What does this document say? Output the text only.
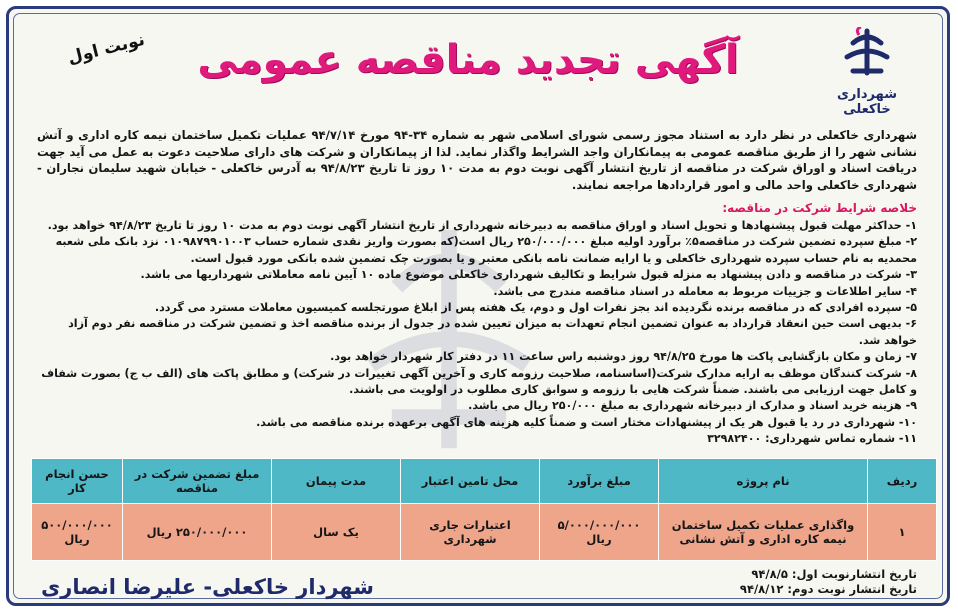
شهرداری خاکعلی
آگهی تجدید مناقصه عمومی
نوبت اول
شهرداری خاکعلی در نظر دارد به استناد مجوز رسمی شورای اسلامی شهر به شماره ۳۴-۹۴ مورخ ۹۴/۷/۱۴ عملیات تکمیل ساختمان نیمه کاره اداری و آتش نشانی شهر را از طریق مناقصه عمومی به پیمانکاران واجد الشرایط واگذار نماید. لذا از پیمانکاران و شرکت های دارای صلاحیت دعوت به عمل می آید جهت دریافت اسناد و اوراق شرکت در مناقصه از تاریخ انتشار آگهی نوبت دوم به مدت ۱۰ روز تا تاریخ ۹۴/۸/۲۳ به آدرس خاکعلی - خیابان شهید سلیمان نجاران - شهرداری خاکعلی واحد مالی و امور قراردادها مراجعه نمایند.
خلاصه شرایط شرکت در مناقصه:
۱- حداکثر مهلت قبول پیشنهادها و تحویل اسناد و اوراق مناقصه به دبیرخانه شهرداری از تاریخ انتشار آگهی نوبت دوم به مدت ۱۰ روز تا تاریخ ۹۴/۸/۲۳ خواهد بود.
۲- مبلغ سپرده تضمین شرکت در مناقصه۵٪ برآورد اولیه مبلغ ۲۵۰/۰۰۰/۰۰۰ ریال است(که بصورت واریز نقدی شماره حساب ۰۱۰۹۸۷۹۹۰۱۰۰۳ نزد بانک ملی شعبه محمدیه به نام حساب سپرده شهرداری خاکعلی و یا ارایه ضمانت نامه بانکی معتبر و یا بصورت چک تضمین شده بانکی مورد قبول است.
۳- شرکت در مناقصه و دادن پیشنهاد به منزله قبول شرایط و تکالیف شهرداری خاکعلی موضوع ماده ۱۰ آیین نامه معاملاتی شهرداریها می باشد.
۴- سایر اطلاعات و جزییات مربوط به معامله در اسناد مناقصه مندرج می باشد.
۵- سپرده افرادی که در مناقصه برنده نگردیده اند بجز نفرات اول و دوم، یک هفته پس از ابلاغ صورتجلسه کمیسیون معاملات مسترد می گردد.
۶- بدیهی است حین انعقاد قرارداد به عنوان تضمین انجام تعهدات به میزان تعیین شده در جدول از برنده مناقصه اخذ و تضمین شرکت در مناقصه نفر دوم آزاد خواهد شد.
۷- زمان و مکان بازگشایی پاکت ها مورخ ۹۴/۸/۲۵ روز دوشنبه راس ساعت ۱۱ در دفتر کار شهردار خواهد بود.
۸- شرکت کنندگان موظف به ارایه مدارک شرکت(اساسنامه، صلاحیت رزومه کاری و آخرین آگهی تغییرات در شرکت) و مطابق پاکت های (الف ب ج) بصورت شفاف و کامل جهت ارزیابی می باشند. ضمناً شرکت هایی با رزومه و سوابق کاری مطلوب در اولویت می باشند.
۹- هزینه خرید اسناد و مدارک از دبیرخانه شهرداری به مبلغ ۲۵۰/۰۰۰ ریال می باشد.
۱۰- شهرداری در رد یا قبول هر یک از پیشنهادات مختار است و ضمناً کلیه هزینه های آگهی برعهده برنده مناقصه می باشد.
۱۱- شماره تماس شهرداری: ۳۲۹۸۲۴۰۰
ردیف	نام پروژه	مبلغ برآورد	محل تامین اعتبار	مدت پیمان	مبلغ تضمین شرکت در مناقصه	حسن انجام کار
۱	واگذاری عملیات تکمیل ساختمان نیمه کاره اداری و آتش نشانی	۵/۰۰۰/۰۰۰/۰۰۰ ریال	اعتبارات جاری شهرداری	یک سال	۲۵۰/۰۰۰/۰۰۰ ریال	۵۰۰/۰۰۰/۰۰۰ ریال
تاریخ انتشارنوبت اول: ۹۴/۸/۵
تاریخ انتشار نوبت دوم: ۹۴/۸/۱۲
شهردار خاکعلی- علیرضا انصاری
